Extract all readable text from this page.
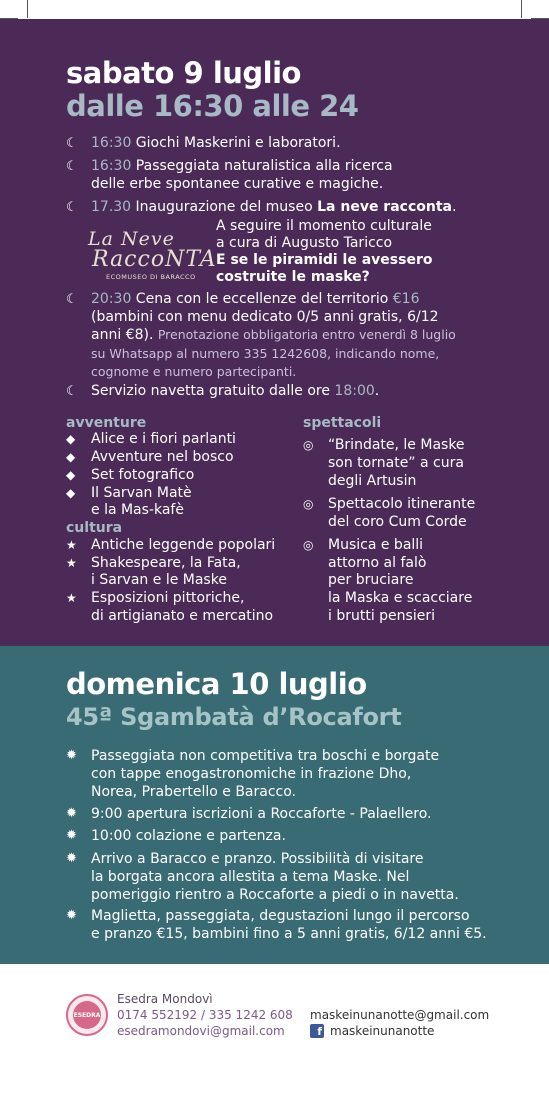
sabato 9 luglio
dalle 16:30 alle 24
☾ 16:30 Giochi Maskerini e laboratori.
☾ 16:30 Passeggiata naturalistica alla ricerca
delle erbe spontanee curative e magiche.
☾ 17.30 Inaugurazione del museo La neve racconta.
La Neve
RaccoNTA
ECOMUSEO DI BARACCO
A seguire il momento culturale
a cura di Augusto Taricco
E se le piramidi le avessero
costruite le maske?
☾ 20:30 Cena con le eccellenze del territorio €16
(bambini con menu dedicato 0/5 anni gratis, 6/12
anni €8). Prenotazione obbligatoria entro venerdì 8 luglio
su Whatsapp al numero 335 1242608, indicando nome,
cognome e numero partecipanti.
☾ Servizio navetta gratuito dalle ore 18:00.
avventure
◆ Alice e i fiori parlanti
◆ Avventure nel bosco
◆ Set fotografico
◆ Il Sarvan Matè
e la Mas-kafè
cultura
★ Antiche leggende popolari
★ Shakespeare, la Fata,
i Sarvan e le Maske
★ Esposizioni pittoriche,
di artigianato e mercatino
spettacoli
◎ “Brindate, le Maske
son tornate” a cura
degli Artusin
◎ Spettacolo itinerante
del coro Cum Corde
◎ Musica e balli
attorno al falò
per bruciare
la Maska e scacciare
i brutti pensieri
domenica 10 luglio
45ª Sgambatà d’Rocafort
✹ Passeggiata non competitiva tra boschi e borgate
con tappe enogastronomiche in frazione Dho,
Norea, Prabertello e Baracco.
✹ 9:00 apertura iscrizioni a Roccaforte - Palaellero.
✹ 10:00 colazione e partenza.
✹ Arrivo a Baracco e pranzo. Possibilità di visitare
la borgata ancora allestita a tema Maske. Nel
pomeriggio rientro a Roccaforte a piedi o in navetta.
✹ Maglietta, passeggiata, degustazioni lungo il percorso
e pranzo €15, bambini fino a 5 anni gratis, 6/12 anni €5.
ESEDRA
Esedra Mondovì
0174 552192 / 335 1242 608
esedramondovi@gmail.com
maskeinunanotte@gmail.com
f maskeinunanotte
